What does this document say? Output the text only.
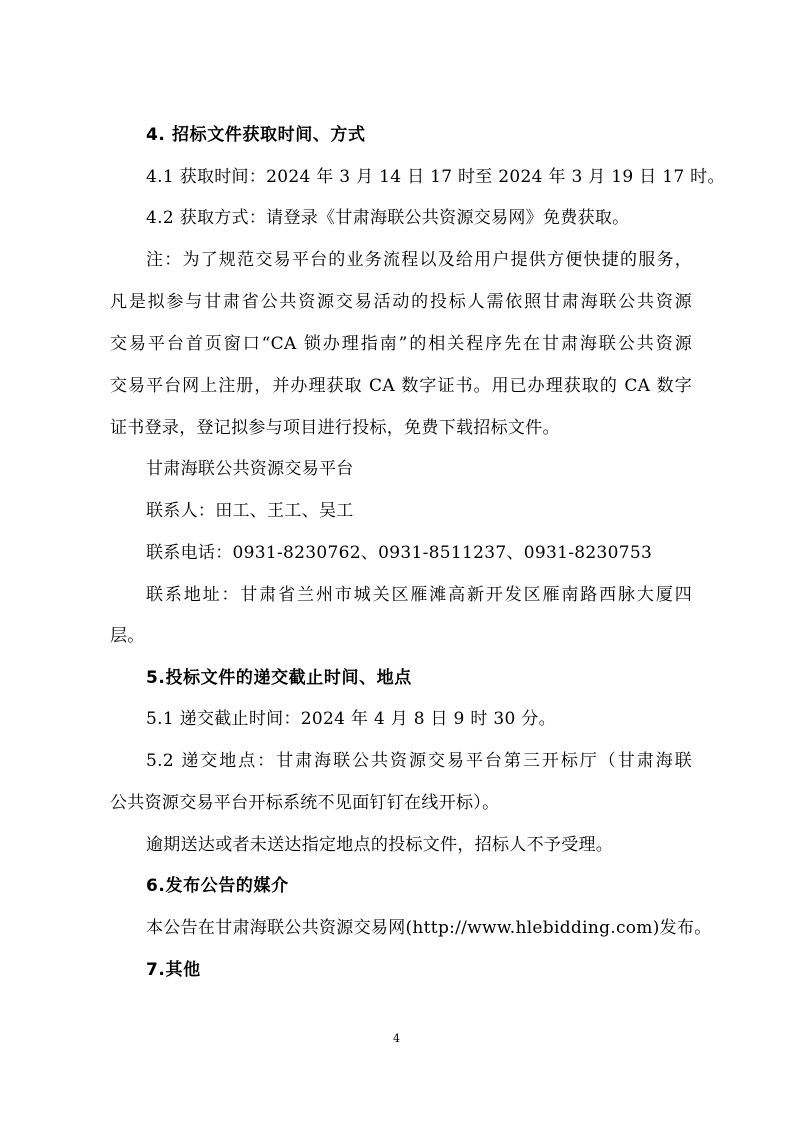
4. 招标文件获取时间、方式
4.1 获取时间：2024 年 3 月 14 日 17 时至 2024 年 3 月 19 日 17 时。
4.2 获取方式：请登录《甘肃海联公共资源交易网》免费获取。
注：为了规范交易平台的业务流程以及给用户提供方便快捷的服务，
凡是拟参与甘肃省公共资源交易活动的投标人需依照甘肃海联公共资源
交易平台首页窗口“CA 锁办理指南”的相关程序先在甘肃海联公共资源
交易平台网上注册，并办理获取 CA 数字证书。用已办理获取的 CA 数字
证书登录，登记拟参与项目进行投标，免费下载招标文件。
甘肃海联公共资源交易平台
联系人：田工、王工、吴工
联系电话：0931-8230762、0931-8511237、0931-8230753
联系地址：甘肃省兰州市城关区雁滩高新开发区雁南路西脉大厦四
层。
5.投标文件的递交截止时间、地点
5.1 递交截止时间：2024 年 4 月 8 日 9 时 30 分。
5.2 递交地点：甘肃海联公共资源交易平台第三开标厅（甘肃海联
公共资源交易平台开标系统不见面钉钉在线开标）。
逾期送达或者未送达指定地点的投标文件，招标人不予受理。
6.发布公告的媒介
本公告在甘肃海联公共资源交易网(http://www.hlebidding.com)发布。
7.其他
4
